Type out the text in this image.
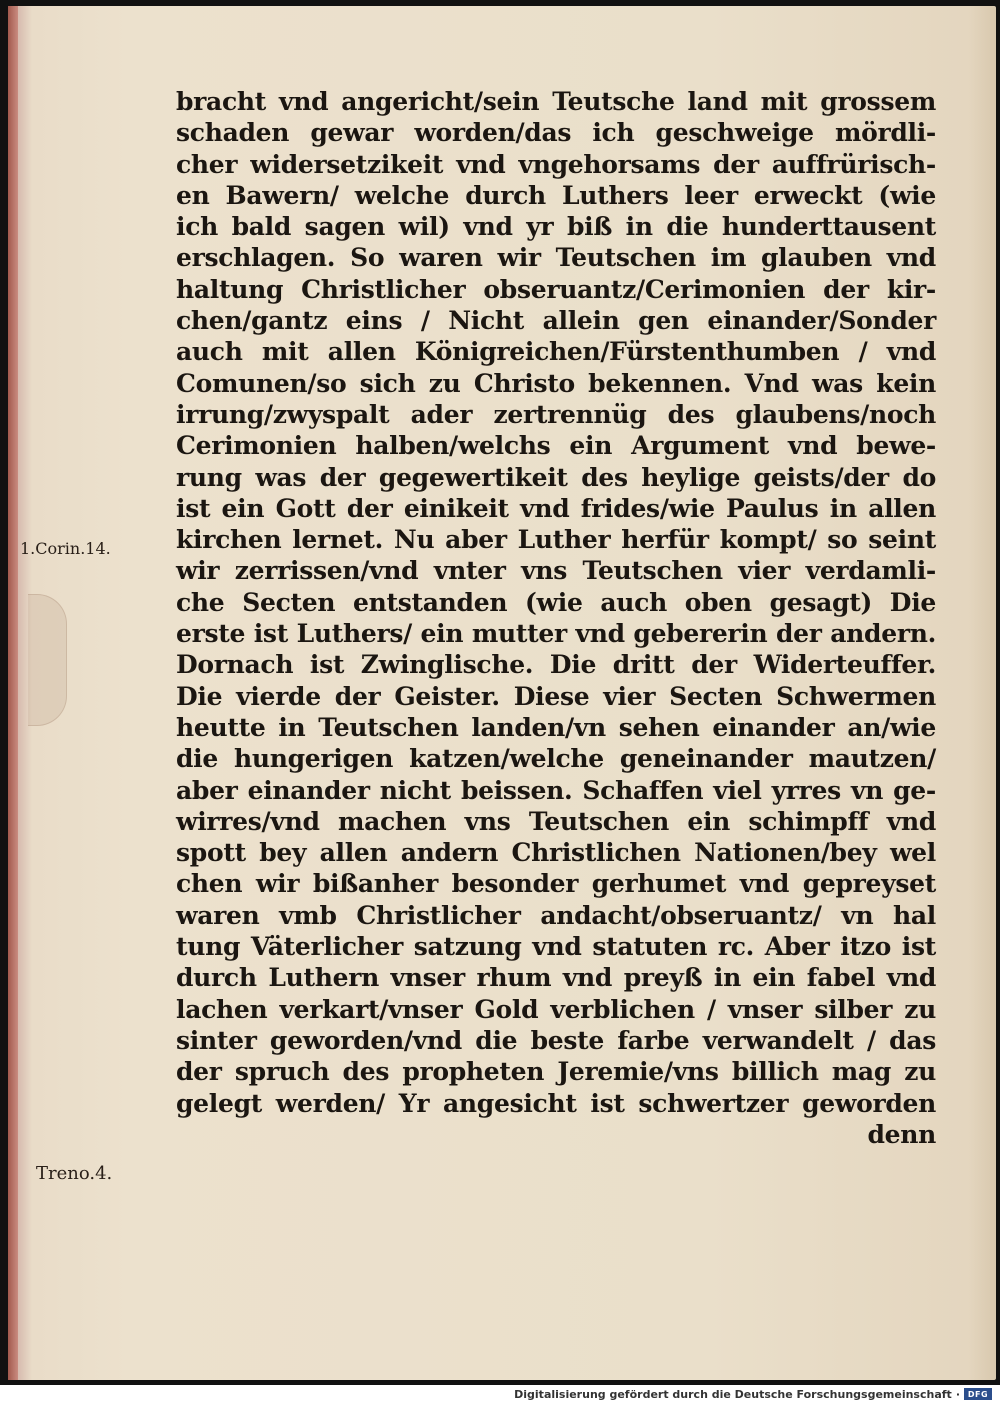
1.Corin.14.
Treno.4.
bracht vnd angericht/sein Teutsche land mit grossem
schaden gewar worden/das ich geschweige mördli-
cher widersetzikeit vnd vngehorsams der auffrürisch-
en Bawern/ welche durch Luthers leer erweckt (wie
ich bald sagen wil) vnd yr biß in die hunderttausent
erschlagen. So waren wir Teutschen im glauben vnd
haltung Christlicher obseruantz/Cerimonien der kir-
chen/gantz eins / Nicht allein gen einander/Sonder
auch mit allen Königreichen/Fürstenthumben / vnd
Comunen/so sich zu Christo bekennen. Vnd was kein
irrung/zwyspalt ader zertrennüg des glaubens/noch
Cerimonien halben/welchs ein Argument vnd bewe-
rung was der gegewertikeit des heylige geists/der do
ist ein Gott der einikeit vnd frides/wie Paulus in allen
kirchen lernet. Nu aber Luther herfür kompt/ so seint
wir zerrissen/vnd vnter vns Teutschen vier verdamli-
che Secten entstanden (wie auch oben gesagt) Die
erste ist Luthers/ ein mutter vnd gebererin der andern.
Dornach ist Zwinglische. Die dritt der Widerteuffer.
Die vierde der Geister. Diese vier Secten Schwermen
heutte in Teutschen landen/vn sehen einander an/wie
die hungerigen katzen/welche geneinander mautzen/
aber einander nicht beissen. Schaffen viel yrres vn ge-
wirres/vnd machen vns Teutschen ein schimpff vnd
spott bey allen andern Christlichen Nationen/bey wel
chen wir bißanher besonder gerhumet vnd gepreyset
waren vmb Christlicher andacht/obseruantz/ vn hal
tung Väterlicher satzung vnd statuten rc. Aber itzo ist
durch Luthern vnser rhum vnd preyß in ein fabel vnd
lachen verkart/vnser Gold verblichen / vnser silber zu
sinter geworden/vnd die beste farbe verwandelt / das
der spruch des propheten Jeremie/vns billich mag zu
gelegt werden/ Yr angesicht ist schwertzer geworden
denn
Digitalisierung gefördert durch die Deutsche Forschungsgemeinschaft · DFG
